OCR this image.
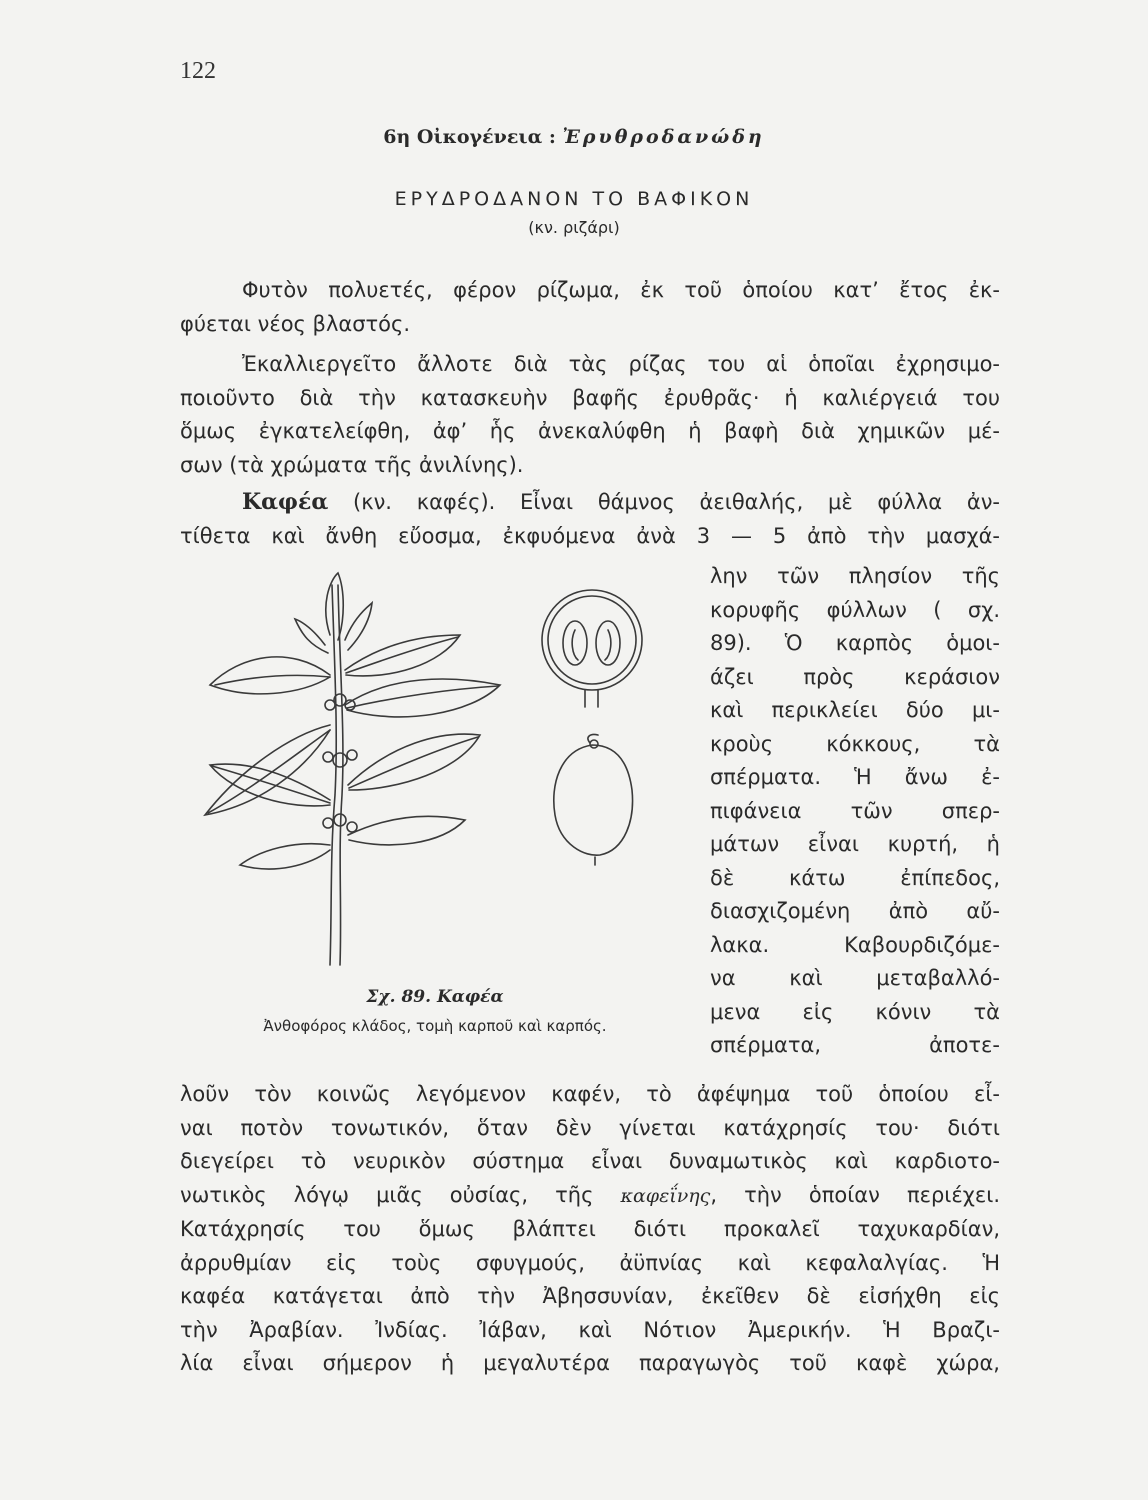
122
6η Οἰκογένεια : Ἐρυθροδανώδη
ΕΡΥΔΡΟΔΑΝΟΝ ΤΟ ΒΑΦΙΚΟΝ
(κν. ριζάρι)
Φυτὸν πολυετές, φέρον ρίζωμα, ἐκ τοῦ ὁποίου κατ’ ἔτος ἐκ-
φύεται νέος βλαστός.
Ἐκαλλιεργεῖτο ἄλλοτε διὰ τὰς ρίζας του αἱ ὁποῖαι ἐχρησιμο-
ποιοῦντο διὰ τὴν κατασκευὴν βαφῆς ἐρυθρᾶς· ἡ καλιέργειά του
ὅμως ἐγκατελείφθη, ἀφ’ ἧς ἀνεκαλύφθη ἡ βαφὴ διὰ χημικῶν μέ-
σων (τὰ χρώματα τῆς ἀνιλίνης).
Καφέα (κν. καφές). Εἶναι θάμνος ἀειθαλής, μὲ φύλλα ἀν-
τίθετα καὶ ἄνθη εὔοσμα, ἐκφυόμενα ἀνὰ 3 — 5 ἀπὸ τὴν μασχά-
λην τῶν πλησίον τῆς
κορυφῆς φύλλων ( σχ.
89). Ὁ καρπὸς ὁμοι-
άζει πρὸς κεράσιον
καὶ περικλείει δύο μι-
κροὺς κόκκους, τὰ
σπέρματα. Ἡ ἄνω ἐ-
πιφάνεια τῶν σπερ-
μάτων εἶναι κυρτή, ἡ
δὲ κάτω ἐπίπεδος,
διασχιζομένη ἀπὸ αὔ-
λακα. Καβουρδιζόμε-
να καὶ μεταβαλλό-
μενα εἰς κόνιν τὰ
σπέρματα, ἀποτε-
Σχ. 89. Καφέα
Ἀνθοφόρος κλάδος, τομὴ καρποῦ καὶ καρπός.
λοῦν τὸν κοινῶς λεγόμενον καφέν, τὸ ἀφέψημα τοῦ ὁποίου εἶ-
ναι ποτὸν τονωτικόν, ὅταν δὲν γίνεται κατάχρησίς του· διότι
διεγείρει τὸ νευρικὸν σύστημα εἶναι δυναμωτικὸς καὶ καρδιοτο-
νωτικὸς λόγῳ μιᾶς οὐσίας, τῆς καφεΐνης, τὴν ὁποίαν περιέχει.
Κατάχρησίς του ὅμως βλάπτει διότι προκαλεῖ ταχυκαρδίαν,
ἀρρυθμίαν εἰς τοὺς σφυγμούς, ἀϋπνίας καὶ κεφαλαλγίας. Ἡ
καφέα κατάγεται ἀπὸ τὴν Ἀβησσυνίαν, ἐκεῖθεν δὲ εἰσήχθη εἰς
τὴν Ἀραβίαν. Ἰνδίας. Ἰάβαν, καὶ Νότιον Ἀμερικήν. Ἡ Βραζι-
λία εἶναι σήμερον ἡ μεγαλυτέρα παραγωγὸς τοῦ καφὲ χώρα,
